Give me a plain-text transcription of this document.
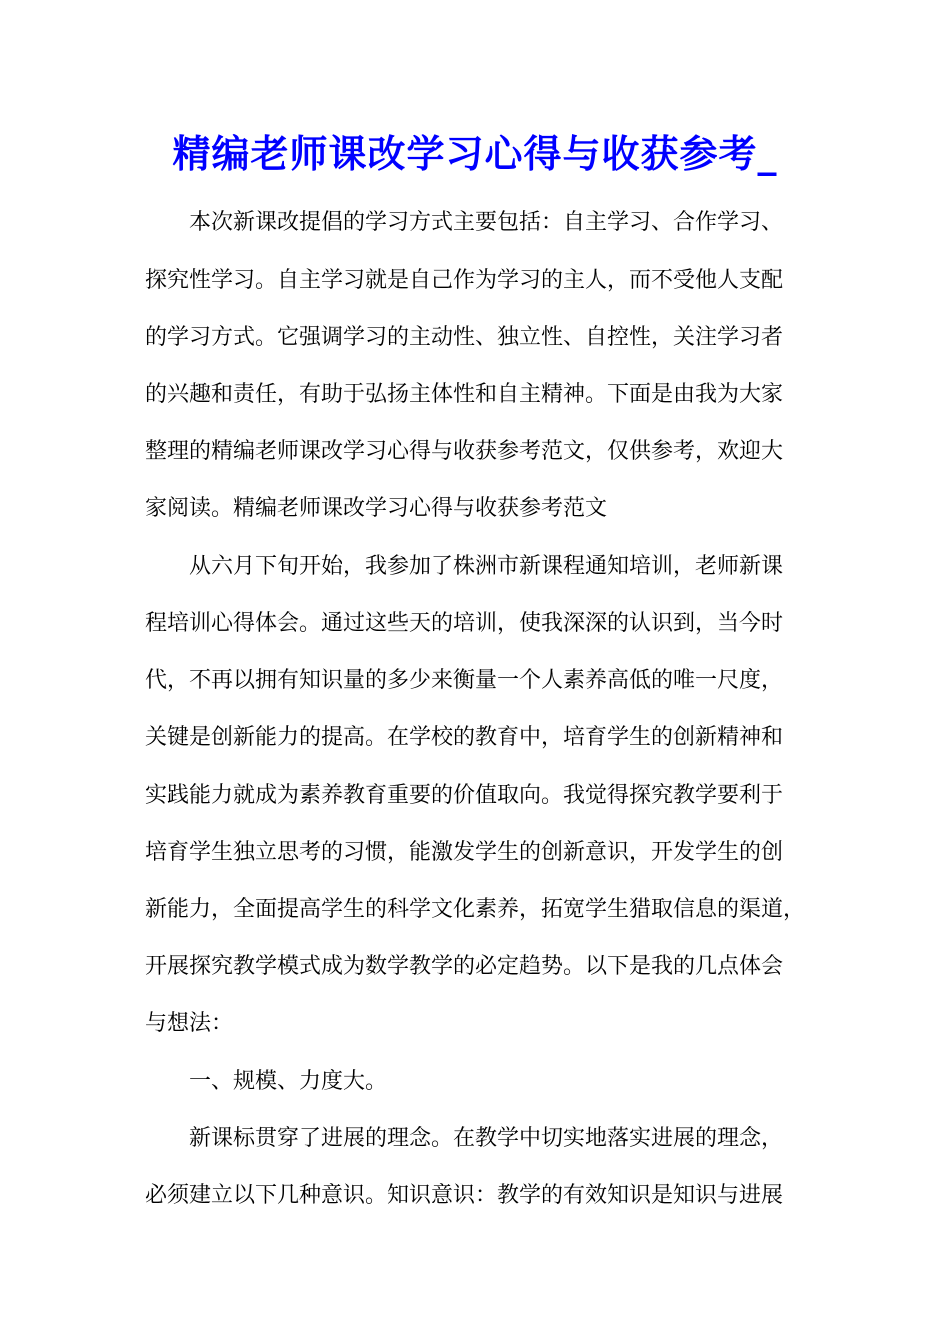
精编老师课改学习心得与收获参考_
本次新课改提倡的学习方式主要包括：自主学习、合作学习、
探究性学习。自主学习就是自己作为学习的主人，而不受他人支配
的学习方式。它强调学习的主动性、独立性、自控性，关注学习者
的兴趣和责任，有助于弘扬主体性和自主精神。下面是由我为大家
整理的精编老师课改学习心得与收获参考范文，仅供参考，欢迎大
家阅读。精编老师课改学习心得与收获参考范文
从六月下旬开始，我参加了株洲市新课程通知培训，老师新课
程培训心得体会。通过这些天的培训，使我深深的认识到，当今时
代，不再以拥有知识量的多少来衡量一个人素养高低的唯一尺度，
关键是创新能力的提高。在学校的教育中，培育学生的创新精神和
实践能力就成为素养教育重要的价值取向。我觉得探究教学要利于
培育学生独立思考的习惯，能激发学生的创新意识，开发学生的创
新能力，全面提高学生的科学文化素养，拓宽学生猎取信息的渠道，
开展探究教学模式成为数学教学的必定趋势。以下是我的几点体会
与想法：
一、规模、力度大。
新课标贯穿了进展的理念。在教学中切实地落实进展的理念，
必须建立以下几种意识。知识意识：教学的有效知识是知识与进展
